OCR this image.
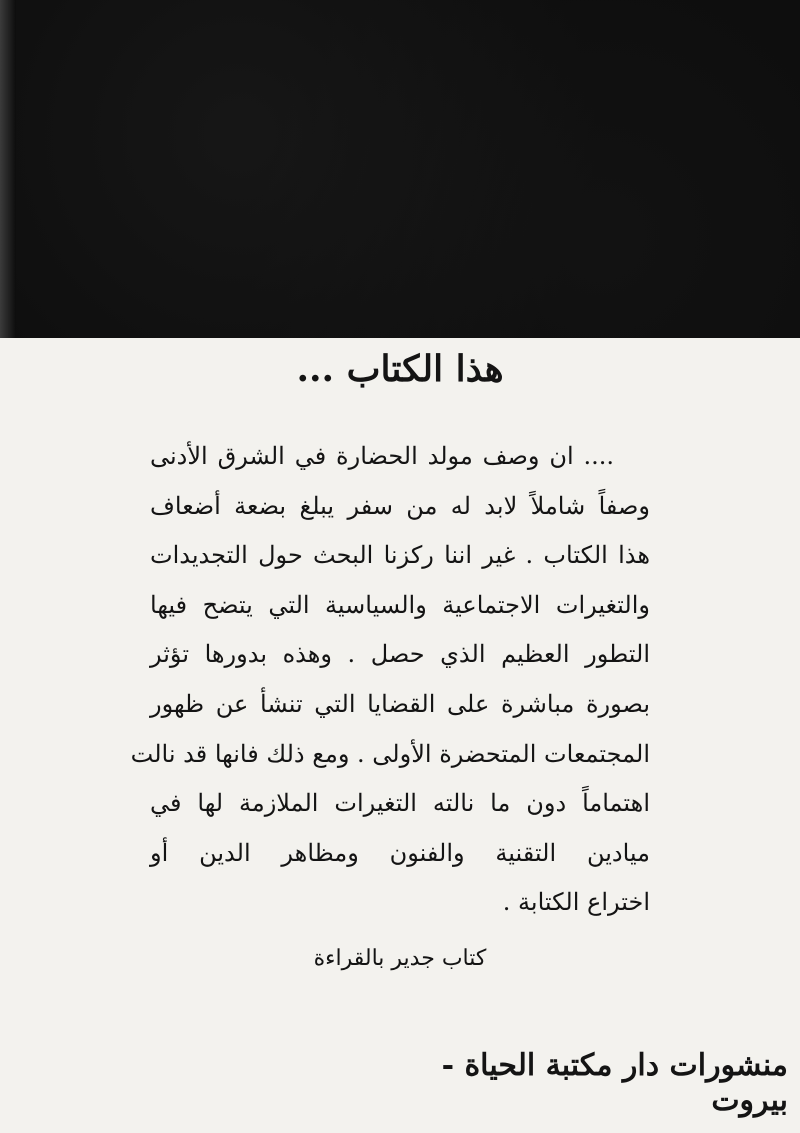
هذا الكتاب ...
.... ان وصف مولد الحضارة في الشرق الأدنى
وصفاً شاملاً لابد له من سفر يبلغ بضعة أضعاف
هذا الكتاب . غير اننا ركزنا البحث حول التجديدات
والتغيرات الاجتماعية والسياسية التي يتضح فيها
التطور العظيم الذي حصل . وهذه بدورها تؤثر
بصورة مباشرة على القضايا التي تنشأ عن ظهور
المجتمعات المتحضرة الأولى . ومع ذلك فانها قد نالت
اهتماماً دون ما نالته التغيرات الملازمة لها في
ميادين التقنية والفنون ومظاهر الدين أو
اختراع الكتابة .
كتاب جدير بالقراءة
منشورات دار مكتبة الحياة - بيروت
